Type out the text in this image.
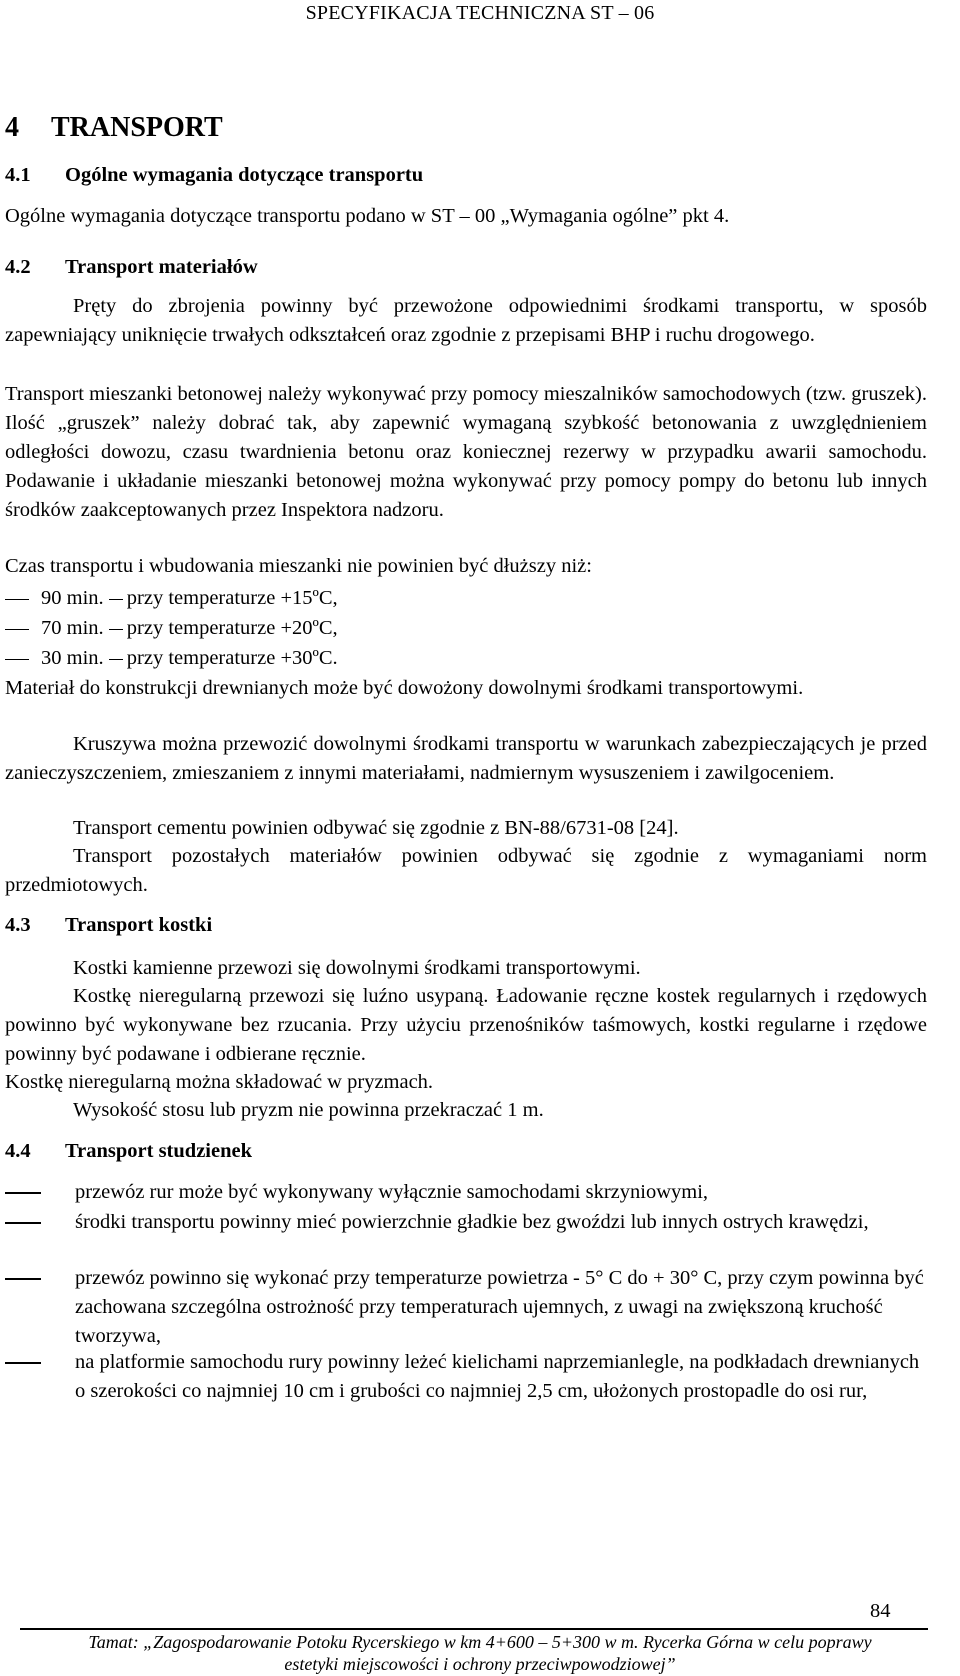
SPECYFIKACJA TECHNICZNA ST – 06
4 TRANSPORT
4.1 Ogólne wymagania dotyczące transportu
Ogólne wymagania dotyczące transportu podano w ST – 00 „Wymagania ogólne” pkt 4.
4.2 Transport materiałów
Pręty do zbrojenia powinny być przewożone odpowiednimi środkami transportu, w sposób zapewniający uniknięcie trwałych odkształceń oraz zgodnie z przepisami BHP i ruchu drogowego.
Transport mieszanki betonowej należy wykonywać przy pomocy mieszalników samochodowych (tzw. gruszek). Ilość „gruszek” należy dobrać tak, aby zapewnić wymaganą szybkość betonowania z uwzględnieniem odległości dowozu, czasu twardnienia betonu oraz koniecznej rezerwy w przypadku awarii samochodu. Podawanie i układanie mieszanki betonowej można wykonywać przy pomocy pompy do betonu lub innych środków zaakceptowanych przez Inspektora nadzoru.
Czas transportu i wbudowania mieszanki nie powinien być dłuższy niż:
90 min. przy temperaturze +15ºC,
70 min. przy temperaturze +20ºC,
30 min. przy temperaturze +30ºC.
Materiał do konstrukcji drewnianych może być dowożony dowolnymi środkami transportowymi.
Kruszywa można przewozić dowolnymi środkami transportu w warunkach zabezpieczających je przed zanieczyszczeniem, zmieszaniem z innymi materiałami, nadmiernym wysuszeniem i zawilgoceniem.
Transport cementu powinien odbywać się zgodnie z BN-88/6731-08 [24].
Transport pozostałych materiałów powinien odbywać się zgodnie z wymaganiami norm przedmiotowych.
4.3 Transport kostki
Kostki kamienne przewozi się dowolnymi środkami transportowymi.
Kostkę nieregularną przewozi się luźno usypaną. Ładowanie ręczne kostek regularnych i rzędowych powinno być wykonywane bez rzucania. Przy użyciu przenośników taśmowych, kostki regularne i rzędowe powinny być podawane i odbierane ręcznie.
Kostkę nieregularną można składować w pryzmach.
Wysokość stosu lub pryzm nie powinna przekraczać 1 m.
4.4 Transport studzienek
przewóz rur może być wykonywany wyłącznie samochodami skrzyniowymi,
środki transportu powinny mieć powierzchnie gładkie bez gwoździ lub innych ostrych krawędzi,
przewóz powinno się wykonać przy temperaturze powietrza - 5° C do + 30° C, przy czym powinna być zachowana szczególna ostrożność przy temperaturach ujemnych, z uwagi na zwiększoną kruchość tworzywa,
na platformie samochodu rury powinny leżeć kielichami naprzemianlegle, na podkładach drewnianych o szerokości co najmniej 10 cm i grubości co najmniej 2,5 cm, ułożonych prostopadle do osi rur,
84
Tamat: „Zagospodarowanie Potoku Rycerskiego w km 4+600 – 5+300 w m. Rycerka Górna w celu poprawy
estetyki miejscowości i ochrony przeciwpowodziowej”
